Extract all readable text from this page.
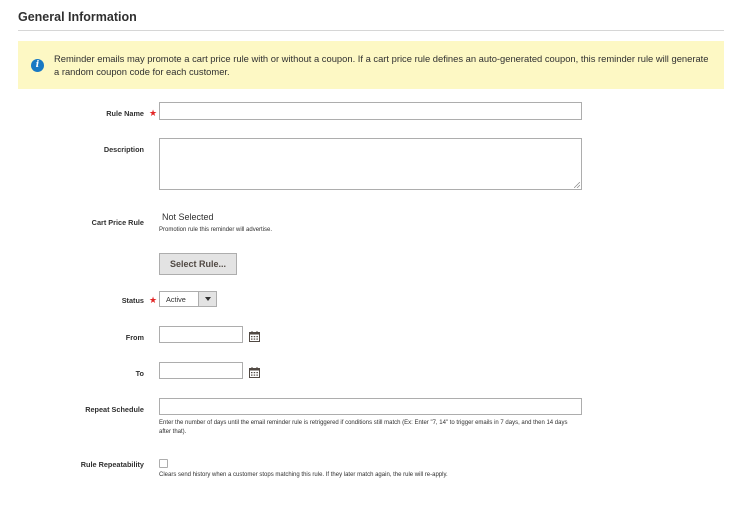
General Information
i
Reminder emails may promote a cart price rule with or without a coupon. If a cart price rule defines an auto-generated coupon, this reminder rule will generate a random coupon code for each customer.
Rule Name ★
Description
Cart Price Rule
Not Selected
Promotion rule this reminder will advertise.
Select Rule...
Status ★ Active
From
To
Repeat Schedule
Enter the number of days until the email reminder rule is retriggered if conditions still match (Ex: Enter "7, 14" to trigger emails in 7 days, and then 14 days after that).
Rule Repeatability
Clears send history when a customer stops matching this rule. If they later match again, the rule will re-apply.
